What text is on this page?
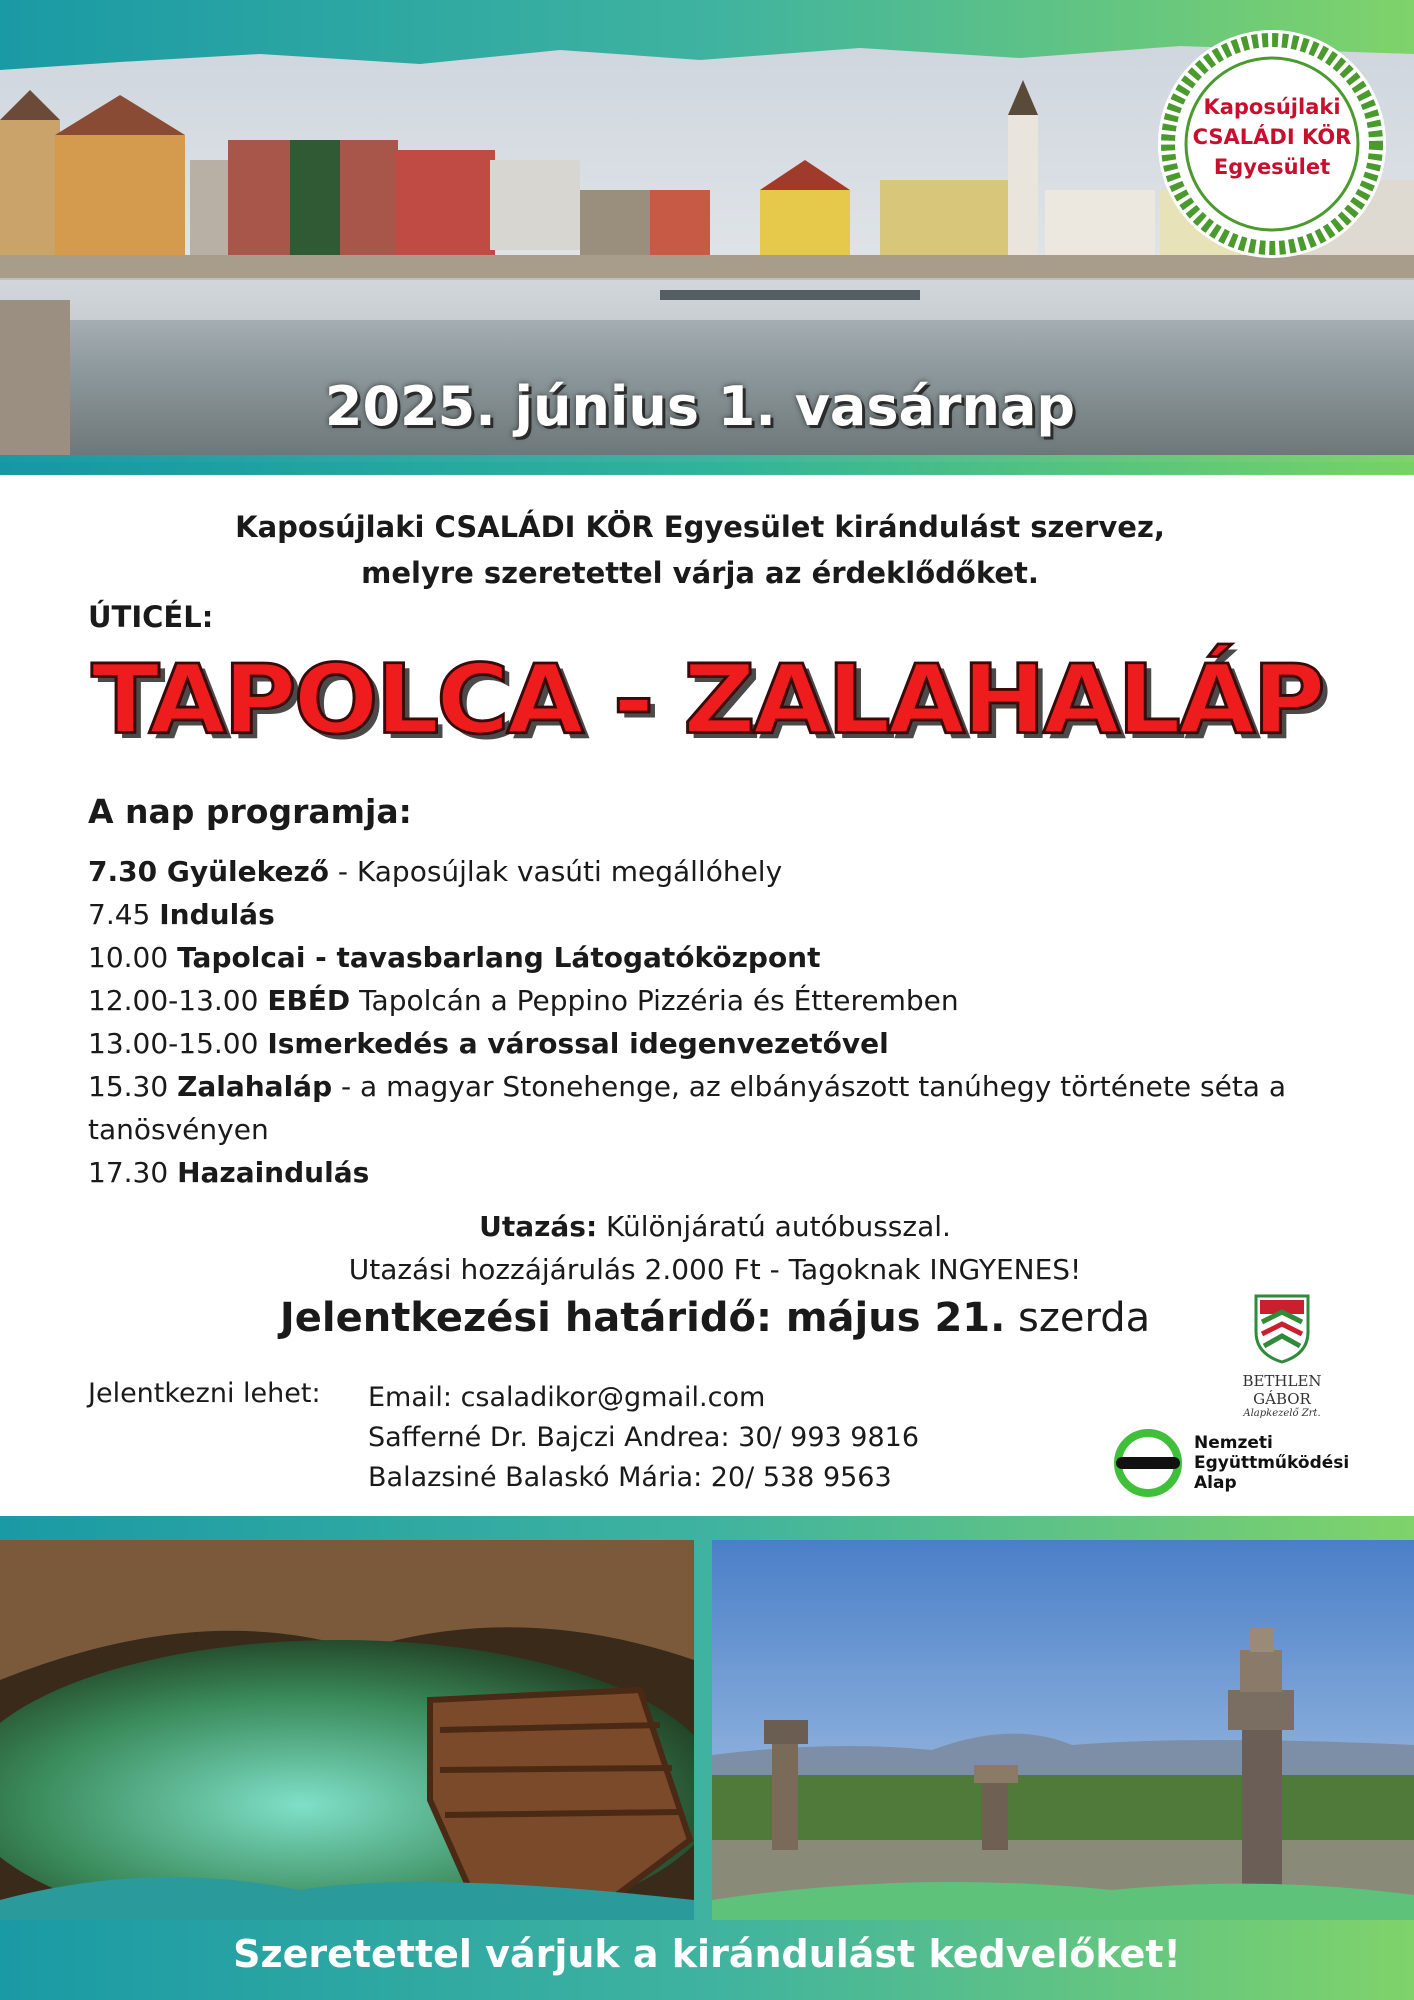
2025. június 1. vasárnap
Kaposújlaki
CSALÁDI KÖR
Egyesület
Kaposújlaki CSALÁDI KÖR Egyesület kirándulást szervez,
melyre szeretettel várja az érdeklődőket.
ÚTICÉL:
TAPOLCA - ZALAHALÁP
A nap programja:
7.30 Gyülekező - Kaposújlak vasúti megállóhely
7.45 Indulás
10.00 Tapolcai - tavasbarlang Látogatóközpont
12.00-13.00 EBÉD Tapolcán a Peppino Pizzéria és Étteremben
13.00-15.00 Ismerkedés a várossal idegenvezetővel
15.30 Zalahaláp - a magyar Stonehenge, az elbányászott tanúhegy története séta a tanösvényen
17.30 Hazaindulás
Utazás: Különjáratú autóbusszal.
Utazási hozzájárulás 2.000 Ft - Tagoknak INGYENES!
Jelentkezési határidő: május 21. szerda
Jelentkezni lehet: Email: csaladikor@gmail.com
Safferné Dr. Bajczi Andrea: 30/ 993 9816
Balazsiné Balaskó Mária: 20/ 538 9563
BETHLEN GÁBOR
Alapkezelő Zrt.
Nemzeti
Együttműködési
Alap
Szeretettel várjuk a kirándulást kedvelőket!
